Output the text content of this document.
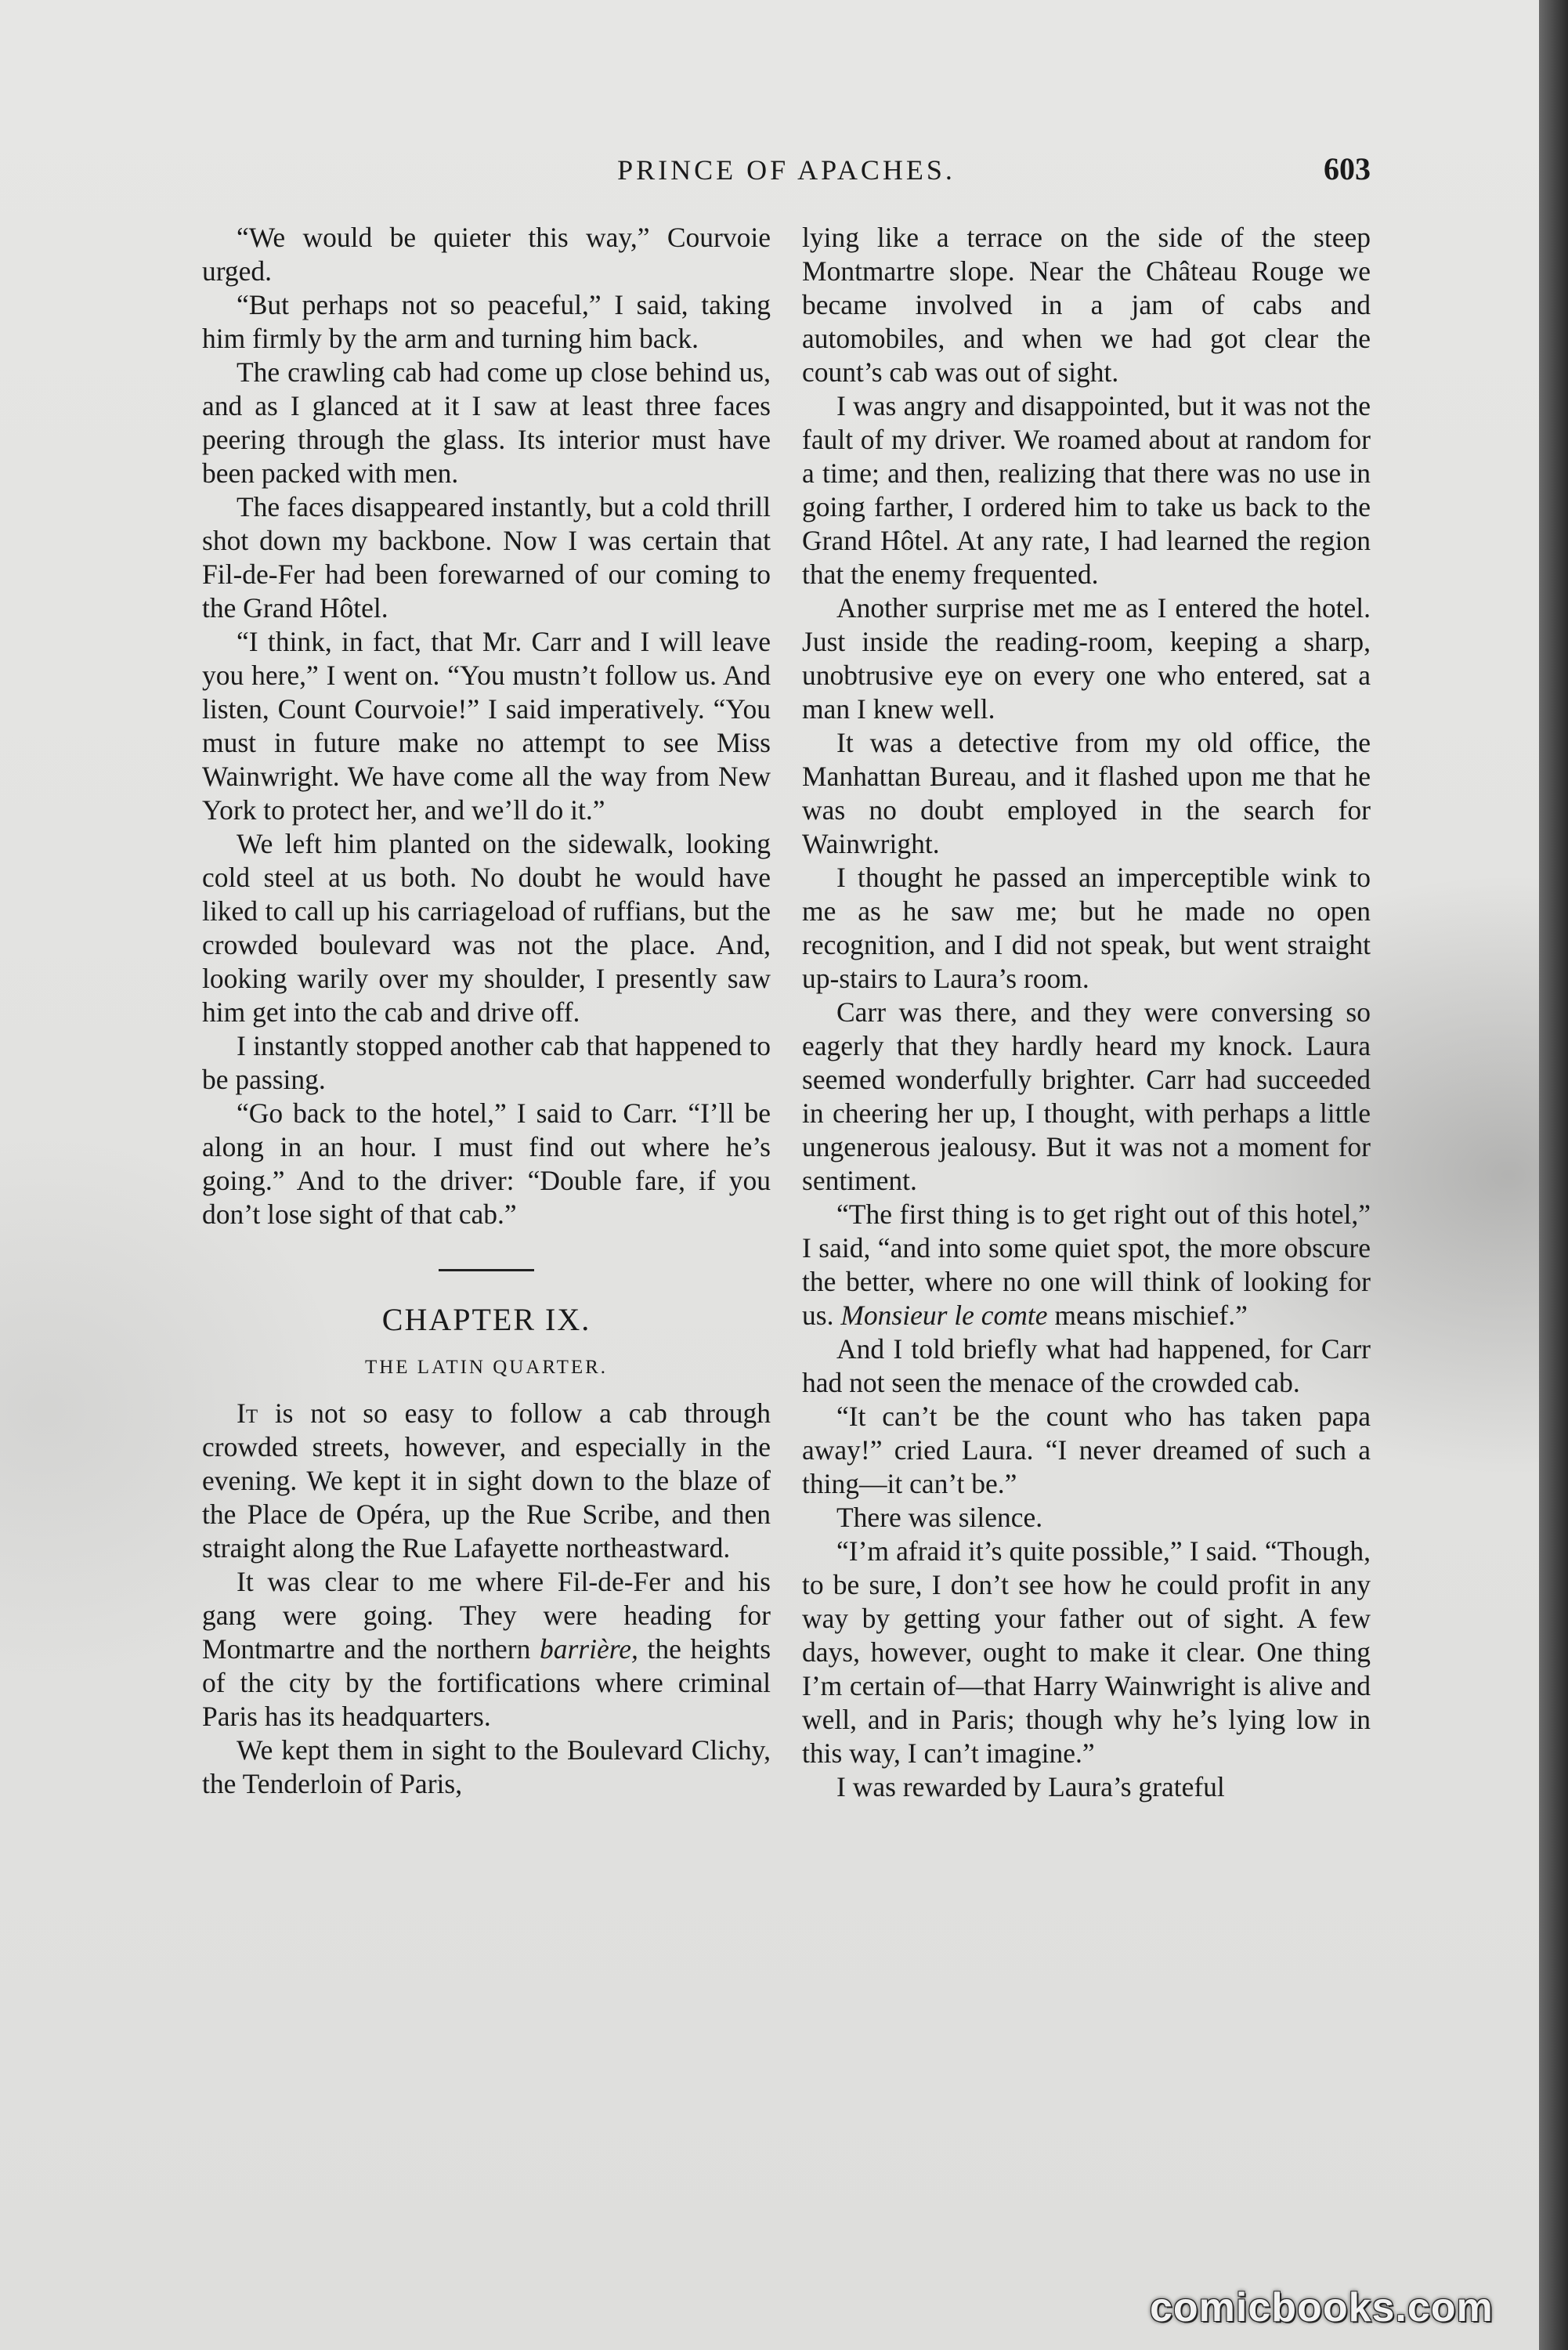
PRINCE OF APACHES.	603

“We would be quieter this way,” Courvoie urged.

“But perhaps not so peaceful,” I said, taking him firmly by the arm and turning him back.

The crawling cab had come up close behind us, and as I glanced at it I saw at least three faces peering through the glass. Its interior must have been packed with men.

The faces disappeared instantly, but a cold thrill shot down my backbone. Now I was certain that Fil-de-Fer had been forewarned of our coming to the Grand Hôtel.

“I think, in fact, that Mr. Carr and I will leave you here,” I went on. “You mustn’t follow us. And listen, Count Courvoie!” I said imperatively. “You must in future make no attempt to see Miss Wainwright. We have come all the way from New York to protect her, and we’ll do it.”

We left him planted on the sidewalk, looking cold steel at us both. No doubt he would have liked to call up his carriageload of ruffians, but the crowded boulevard was not the place. And, looking warily over my shoulder, I presently saw him get into the cab and drive off.

I instantly stopped another cab that happened to be passing.

“Go back to the hotel,” I said to Carr. “I’ll be along in an hour. I must find out where he’s going.” And to the driver: “Double fare, if you don’t lose sight of that cab.”

CHAPTER IX.
THE LATIN QUARTER.

It is not so easy to follow a cab through crowded streets, however, and especially in the evening. We kept it in sight down to the blaze of the Place de Opéra, up the Rue Scribe, and then straight along the Rue Lafayette northeastward.

It was clear to me where Fil-de-Fer and his gang were going. They were heading for Montmartre and the northern barrière, the heights of the city by the fortifications where criminal Paris has its headquarters.

We kept them in sight to the Boulevard Clichy, the Tenderloin of Paris,

lying like a terrace on the side of the steep Montmartre slope. Near the Château Rouge we became involved in a jam of cabs and automobiles, and when we had got clear the count’s cab was out of sight.

I was angry and disappointed, but it was not the fault of my driver. We roamed about at random for a time; and then, realizing that there was no use in going farther, I ordered him to take us back to the Grand Hôtel. At any rate, I had learned the region that the enemy frequented.

Another surprise met me as I entered the hotel. Just inside the reading-room, keeping a sharp, unobtrusive eye on every one who entered, sat a man I knew well.

It was a detective from my old office, the Manhattan Bureau, and it flashed upon me that he was no doubt employed in the search for Wainwright.

I thought he passed an imperceptible wink to me as he saw me; but he made no open recognition, and I did not speak, but went straight up-stairs to Laura’s room.

Carr was there, and they were conversing so eagerly that they hardly heard my knock. Laura seemed wonderfully brighter. Carr had succeeded in cheering her up, I thought, with perhaps a little ungenerous jealousy. But it was not a moment for sentiment.

“The first thing is to get right out of this hotel,” I said, “and into some quiet spot, the more obscure the better, where no one will think of looking for us. Monsieur le comte means mischief.”

And I told briefly what had happened, for Carr had not seen the menace of the crowded cab.

“It can’t be the count who has taken papa away!” cried Laura. “I never dreamed of such a thing—it can’t be.”

There was silence.

“I’m afraid it’s quite possible,” I said. “Though, to be sure, I don’t see how he could profit in any way by getting your father out of sight. A few days, however, ought to make it clear. One thing I’m certain of—that Harry Wainwright is alive and well, and in Paris; though why he’s lying low in this way, I can’t imagine.”

I was rewarded by Laura’s grateful

comicbooks.com
